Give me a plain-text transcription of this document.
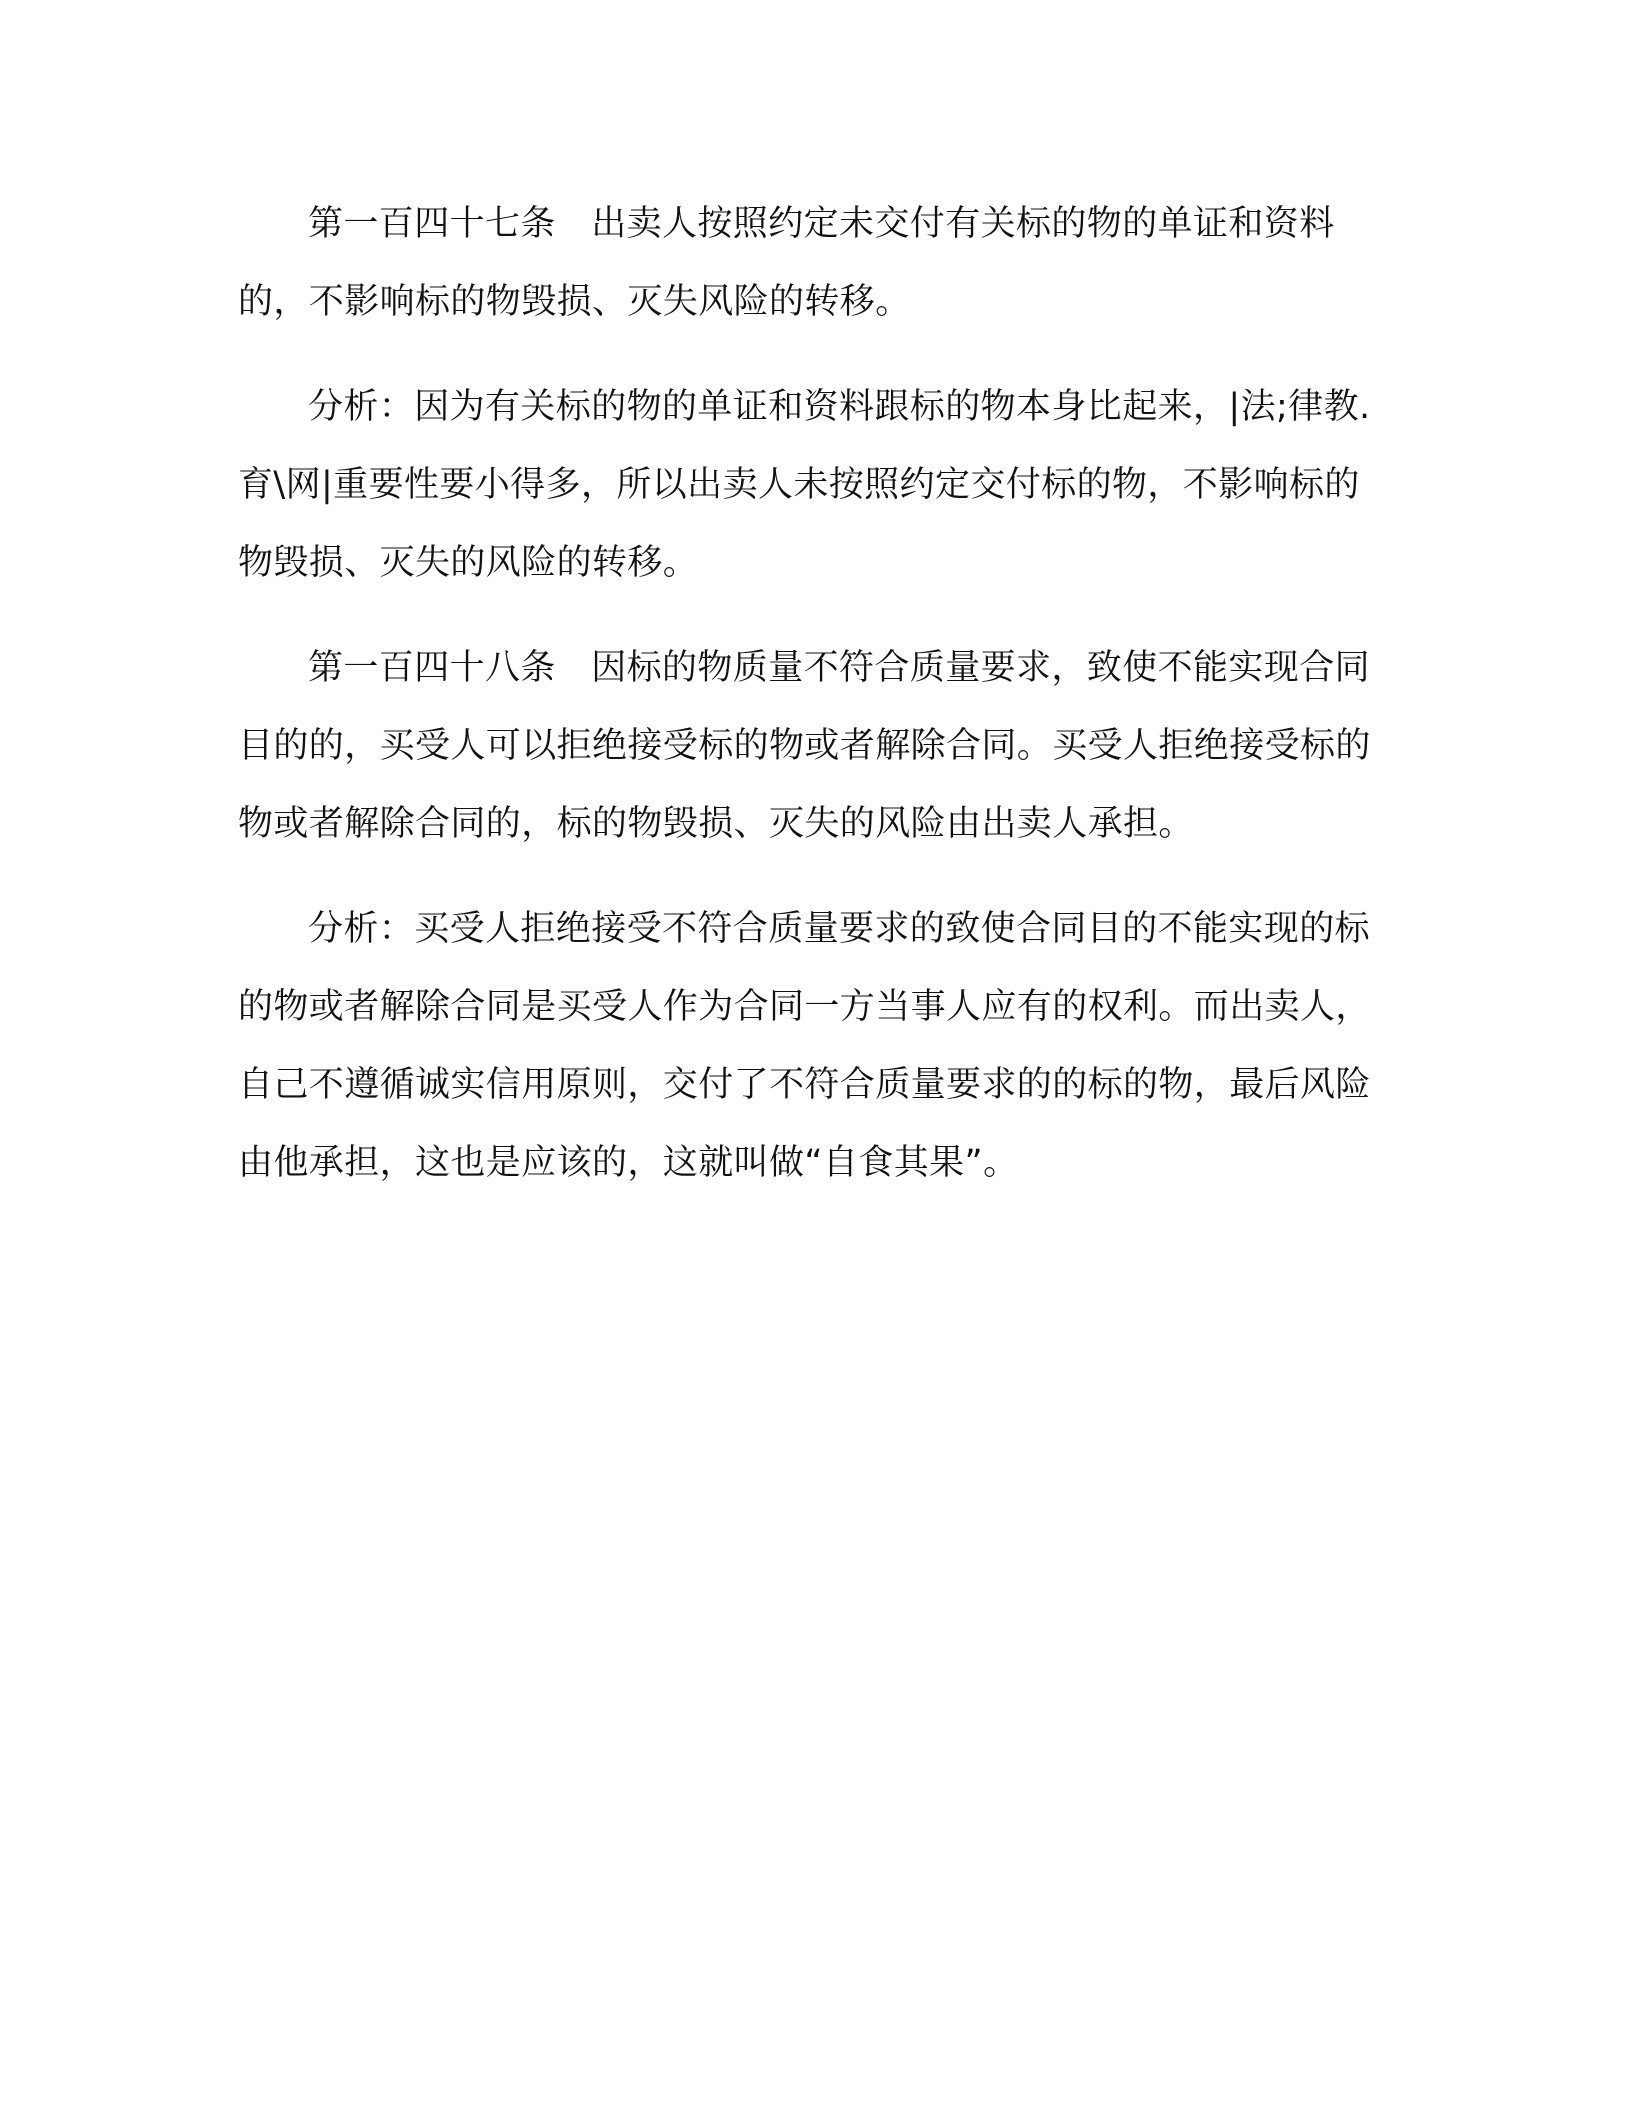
第一百四十七条　出卖人按照约定未交付有关标的物的单证和资料的，不影响标的物毁损、灭失风险的转移。

分析：因为有关标的物的单证和资料跟标的物本身比起来，|法;律教.育\网|重要性要小得多，所以出卖人未按照约定交付标的物，不影响标的物毁损、灭失的风险的转移。

第一百四十八条　因标的物质量不符合质量要求，致使不能实现合同目的的，买受人可以拒绝接受标的物或者解除合同。买受人拒绝接受标的物或者解除合同的，标的物毁损、灭失的风险由出卖人承担。

分析：买受人拒绝接受不符合质量要求的致使合同目的不能实现的标的物或者解除合同是买受人作为合同一方当事人应有的权利。而出卖人，自己不遵循诚实信用原则，交付了不符合质量要求的的标的物，最后风险由他承担，这也是应该的，这就叫做“自食其果”。
